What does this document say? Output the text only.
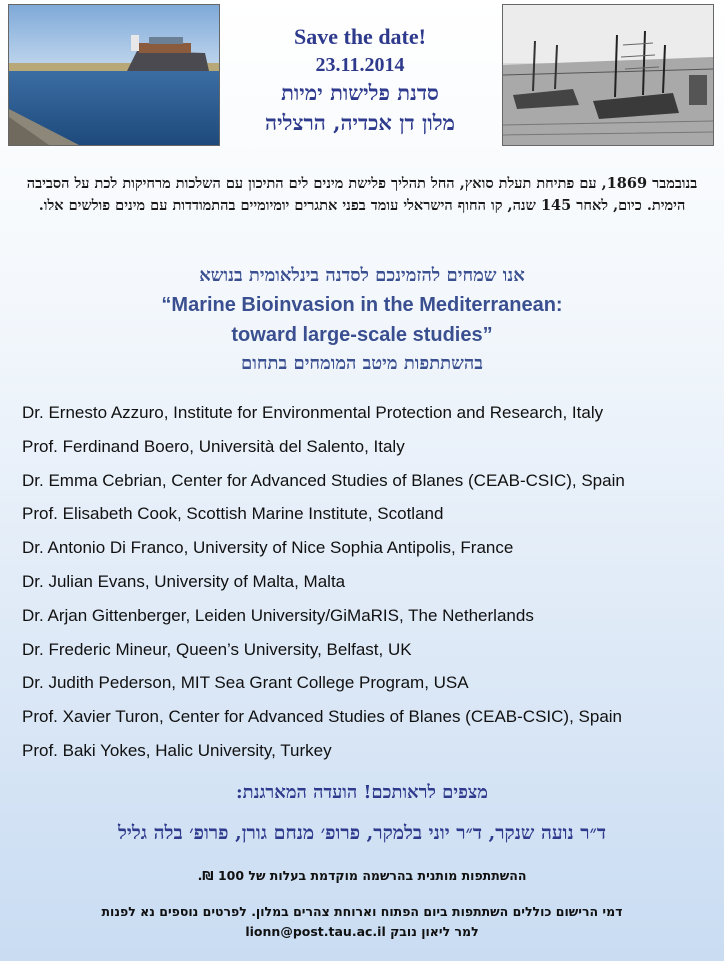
Save the date!
23.11.2014
סדנת פלישות ימיות
מלון דן אכדיה, הרצליה
בנובמבר 1869, עם פתיחת תעלת סואץ, החל תהליך פלישת מינים לים התיכון עם השלכות מרחיקות לכת על הסביבה הימית. כיום, לאחר 145 שנה, קו החוף הישראלי עומד בפני אתגרים יומיומיים בהתמודדות עם מינים פולשים אלו.
אנו שמחים להזמינכם לסדנה בינלאומית בנושא
“Marine Bioinvasion in the Mediterranean:
toward large-scale studies”
בהשתתפות מיטב המומחים בתחום
Dr. Ernesto Azzuro, Institute for Environmental Protection and Research, Italy
Prof. Ferdinand Boero, Università del Salento, Italy
Dr. Emma Cebrian, Center for Advanced Studies of Blanes (CEAB-CSIC), Spain
Prof. Elisabeth Cook, Scottish Marine Institute, Scotland
Dr. Antonio Di Franco, University of Nice Sophia Antipolis, France
Dr. Julian Evans, University of Malta, Malta
Dr. Arjan Gittenberger, Leiden University/GiMaRIS, The Netherlands
Dr. Frederic Mineur, Queen’s University, Belfast, UK
Dr. Judith Pederson, MIT Sea Grant College Program, USA
Prof. Xavier Turon, Center for Advanced Studies of Blanes (CEAB-CSIC), Spain
Prof. Baki Yokes, Halic University, Turkey
מצפים לראותכם! הועדה המארגנת:
ד״ר נועה שנקר, ד״ר יוני בלמקר, פרופ׳ מנחם גורן, פרופ׳ בלה גליל
ההשתתפות מותנית בהרשמה מוקדמת בעלות של 100 ₪.
דמי הרישום כוללים השתתפות ביום הפתוח וארוחת צהרים במלון. לפרטים נוספים נא לפנות
למר ליאון נובק lionn@post.tau.ac.il
